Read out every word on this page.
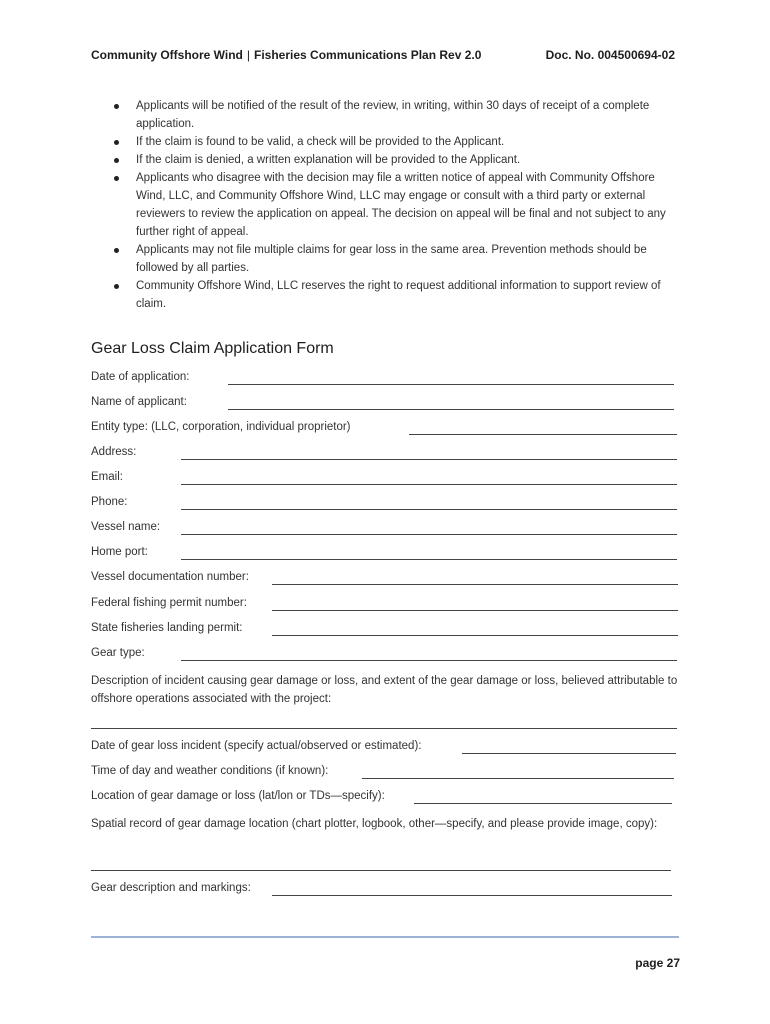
Community Offshore Wind | Fisheries Communications Plan Rev 2.0	Doc. No. 004500694-02
Applicants will be notified of the result of the review, in writing, within 30 days of receipt of a complete application.
If the claim is found to be valid, a check will be provided to the Applicant.
If the claim is denied, a written explanation will be provided to the Applicant.
Applicants who disagree with the decision may file a written notice of appeal with Community Offshore Wind, LLC, and Community Offshore Wind, LLC may engage or consult with a third party or external reviewers to review the application on appeal. The decision on appeal will be final and not subject to any further right of appeal.
Applicants may not file multiple claims for gear loss in the same area. Prevention methods should be followed by all parties.
Community Offshore Wind, LLC reserves the right to request additional information to support review of claim.
Gear Loss Claim Application Form
Date of application:
Name of applicant:
Entity type: (LLC, corporation, individual proprietor)
Address:
Email:
Phone:
Vessel name:
Home port:
Vessel documentation number:
Federal fishing permit number:
State fisheries landing permit:
Gear type:
Description of incident causing gear damage or loss, and extent of the gear damage or loss, believed attributable to offshore operations associated with the project:
Date of gear loss incident (specify actual/observed or estimated):
Time of day and weather conditions (if known):
Location of gear damage or loss (lat/lon or TDs—specify):
Spatial record of gear damage location (chart plotter, logbook, other—specify, and please provide image, copy):
Gear description and markings:
page 27
